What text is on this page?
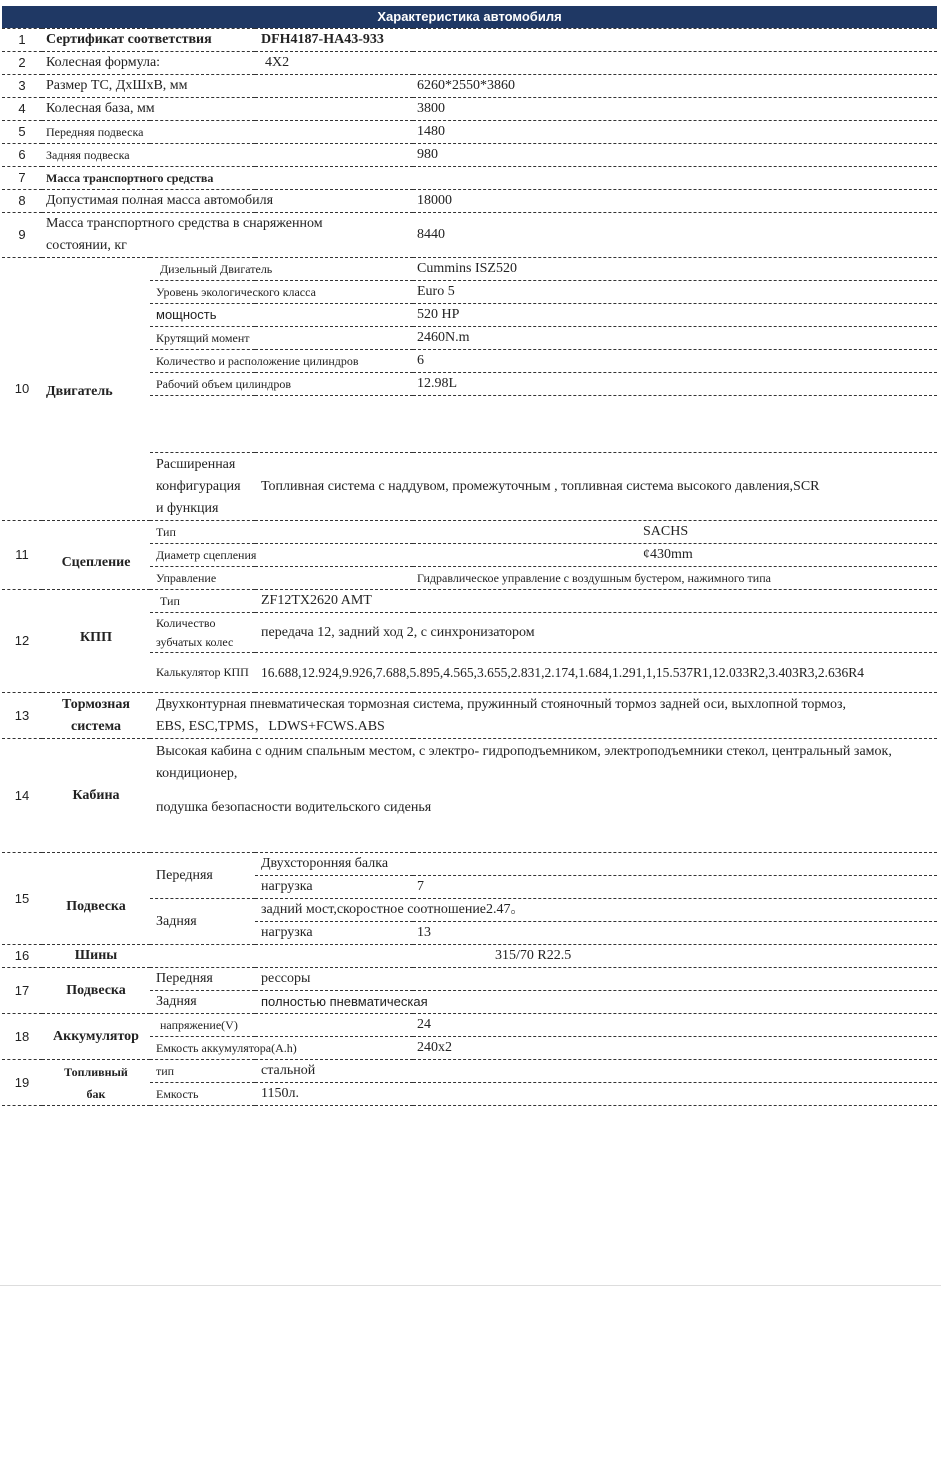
Характеристика автомобиля				
1	Сертификат соответствия		DFH4187-HA43-933	
2	Колесная формула:		4X2	
3	Размер ТС, ДхШхВ, мм			6260*2550*3860
4	Колесная база, мм			3800
5	Передняя подвеска			1480
6	Задняя подвеска			980
7	Масса транспортного средства			
8	Допустимая полная масса автомобиля			18000
9	Масса транспортного средства в снаряженном состоянии, кг			8440
10	Двигатель	Дизельный Двигатель		Cummins ISZ520
		Уровень экологического класса		Euro 5
		мощность		520 HP
		Крутящий момент		2460N.m
		Количество и расположение цилиндров		6
		Рабочий объем цилиндров		12.98L

		Расширенная конфигурация и функция	Топливная система с наддувом, промежуточным , топливная система высокого давления,SCR	
11	Сцепление	Тип		SACHS
		Диаметр сцепления		¢430mm
		Управление		Гидравлическое управление с воздушным бустером, нажимного типа
12	КПП	Тип	ZF12TX2620 AMT	
		Количество зубчатых колес	передача 12, задний ход 2, с синхронизатором	
		Калькулятор КПП	16.688,12.924,9.926,7.688,5.895,4.565,3.655,2.831,2.174,1.684,1.291,1,15.537R1,12.033R2,3.403R3,2.636R4	
13	Тормозная система	Двухконтурная пневматическая тормозная система, пружинный стояночный тормоз задней оси, выхлопной тормоз,
EBS, ESC,TPMS，LDWS+FCWS.ABS		

14	Кабина	Высокая кабина с одним спальным местом, с электро- гидроподъемником, электроподъемники стекол, центральный замок, кондиционер,
подушка безопасности водительского сиденья		

15	Подвеска	Передняя	Двухсторонняя балка	
			нагрузка	7
		Задняя	задний мост,скоростное соотношение2.47。	
			нагрузка	13
16	Шины	315/70 R22.5		
17	Подвеска	Передняя	рессоры	
		Задняя	полностью пневматическая	
18	Аккумулятор	напряжение(V)		24
		Емкость аккумулятора(A.h)		240x2
19	Топливный бак	тип	стальной	
		Емкость	1150л.	
